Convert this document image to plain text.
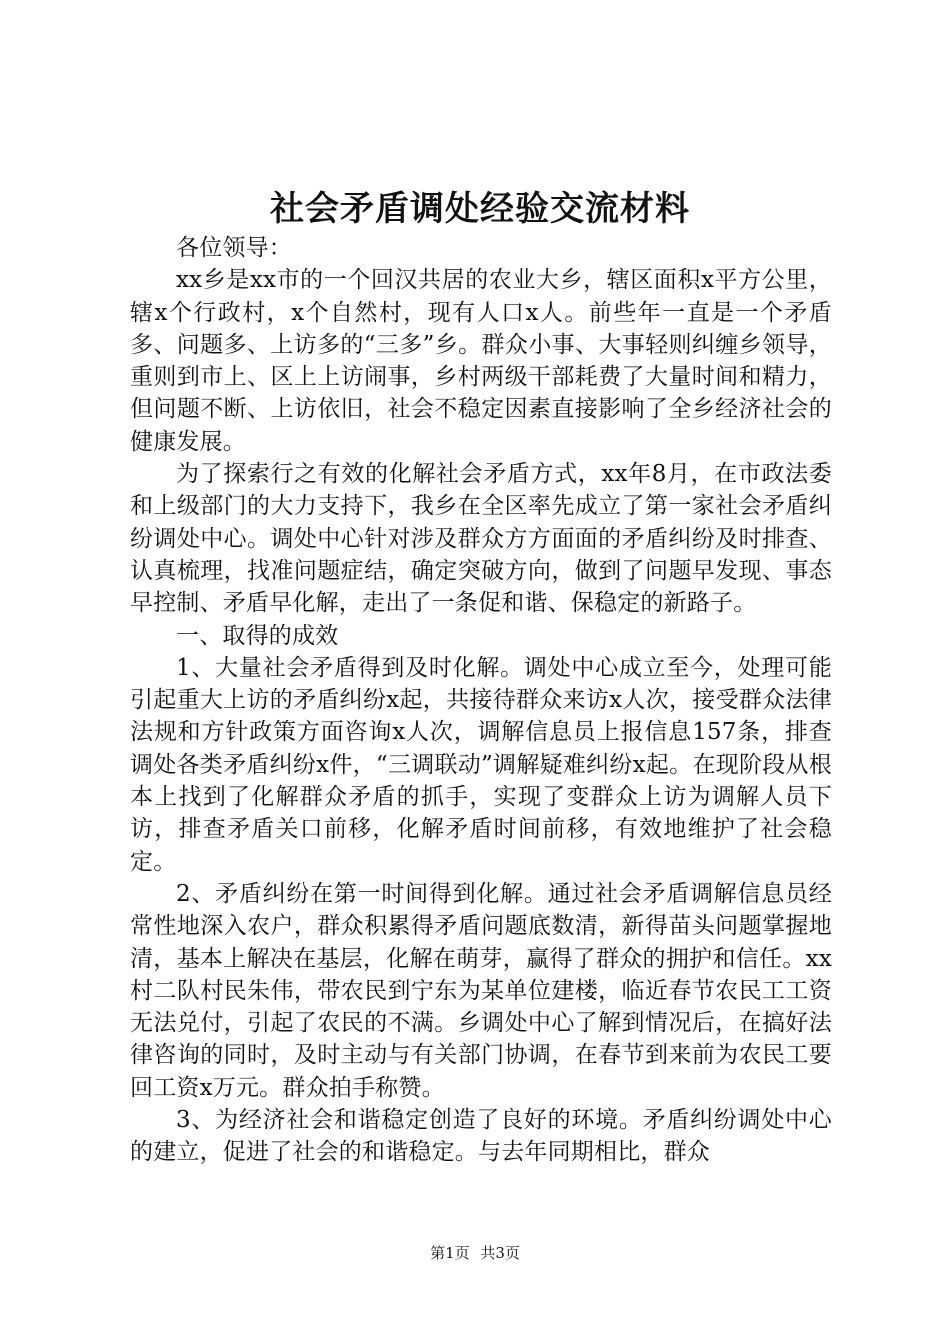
社会矛盾调处经验交流材料

各位领导：

xx乡是xx市的一个回汉共居的农业大乡，辖区面积x平方公里，辖x个行政村，x个自然村，现有人口x人。前些年一直是一个矛盾多、问题多、上访多的“三多”乡。群众小事、大事轻则纠缠乡领导，重则到市上、区上上访闹事，乡村两级干部耗费了大量时间和精力，但问题不断、上访依旧，社会不稳定因素直接影响了全乡经济社会的健康发展。

为了探索行之有效的化解社会矛盾方式，xx年8月，在市政法委和上级部门的大力支持下，我乡在全区率先成立了第一家社会矛盾纠纷调处中心。调处中心针对涉及群众方方面面的矛盾纠纷及时排查、认真梳理，找准问题症结，确定突破方向，做到了问题早发现、事态早控制、矛盾早化解，走出了一条促和谐、保稳定的新路子。

一、取得的成效

1、大量社会矛盾得到及时化解。调处中心成立至今，处理可能引起重大上访的矛盾纠纷x起，共接待群众来访x人次，接受群众法律法规和方针政策方面咨询x人次，调解信息员上报信息157条，排查调处各类矛盾纠纷x件，“三调联动”调解疑难纠纷x起。在现阶段从根本上找到了化解群众矛盾的抓手，实现了变群众上访为调解人员下访，排查矛盾关口前移，化解矛盾时间前移，有效地维护了社会稳定。

2、矛盾纠纷在第一时间得到化解。通过社会矛盾调解信息员经常性地深入农户，群众积累得矛盾问题底数清，新得苗头问题掌握地清，基本上解决在基层，化解在萌芽，赢得了群众的拥护和信任。xx村二队村民朱伟，带农民到宁东为某单位建楼，临近春节农民工工资无法兑付，引起了农民的不满。乡调处中心了解到情况后，在搞好法律咨询的同时，及时主动与有关部门协调，在春节到来前为农民工要回工资x万元。群众拍手称赞。

3、为经济社会和谐稳定创造了良好的环境。矛盾纠纷调处中心的建立，促进了社会的和谐稳定。与去年同期相比，群众

第1页 共3页
